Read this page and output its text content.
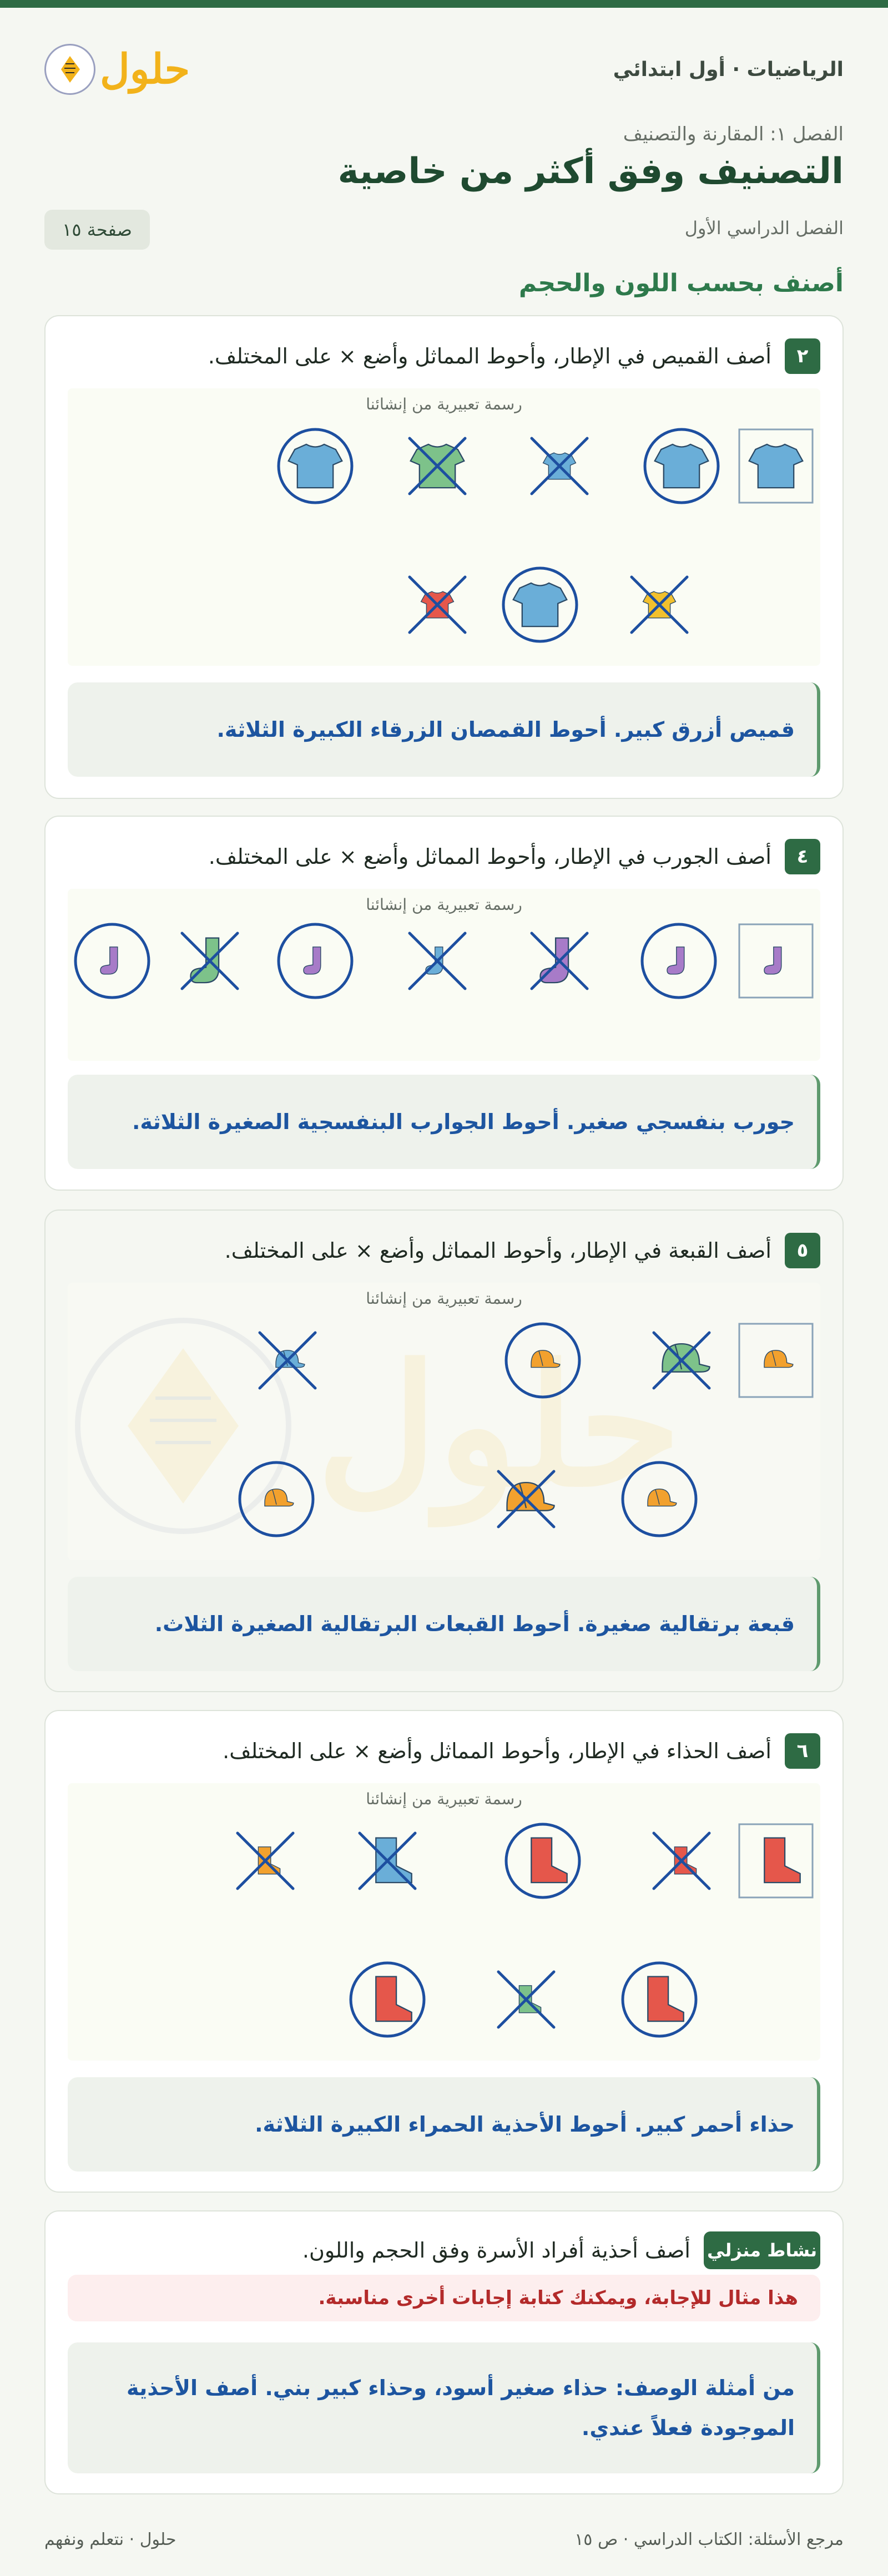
الرياضيات · أول ابتدائي
حلول
الفصل ١: المقارنة والتصنيف
التصنيف وفق أكثر من خاصية
الفصل الدراسي الأول
صفحة ١٥
أصنف بحسب اللون والحجم
٢
أصف القميص في الإطار، وأحوط المماثل وأضع × على المختلف.
رسمة تعبيرية من إنشائنا
قميص أزرق كبير. أحوط القمصان الزرقاء الكبيرة الثلاثة.
٤
أصف الجورب في الإطار، وأحوط المماثل وأضع × على المختلف.
رسمة تعبيرية من إنشائنا
جورب بنفسجي صغير. أحوط الجوارب البنفسجية الصغيرة الثلاثة.
٥
أصف القبعة في الإطار، وأحوط المماثل وأضع × على المختلف.
رسمة تعبيرية من إنشائنا
قبعة برتقالية صغيرة. أحوط القبعات البرتقالية الصغيرة الثلاث.
٦
أصف الحذاء في الإطار، وأحوط المماثل وأضع × على المختلف.
رسمة تعبيرية من إنشائنا
حذاء أحمر كبير. أحوط الأحذية الحمراء الكبيرة الثلاثة.
نشاط منزلي
أصف أحذية أفراد الأسرة وفق الحجم واللون.
هذا مثال للإجابة، ويمكنك كتابة إجابات أخرى مناسبة.
من أمثلة الوصف: حذاء صغير أسود، وحذاء كبير بني. أصف الأحذية الموجودة فعلاً عندي.
مرجع الأسئلة: الكتاب الدراسي · ص ١٥
حلول · نتعلم ونفهم
